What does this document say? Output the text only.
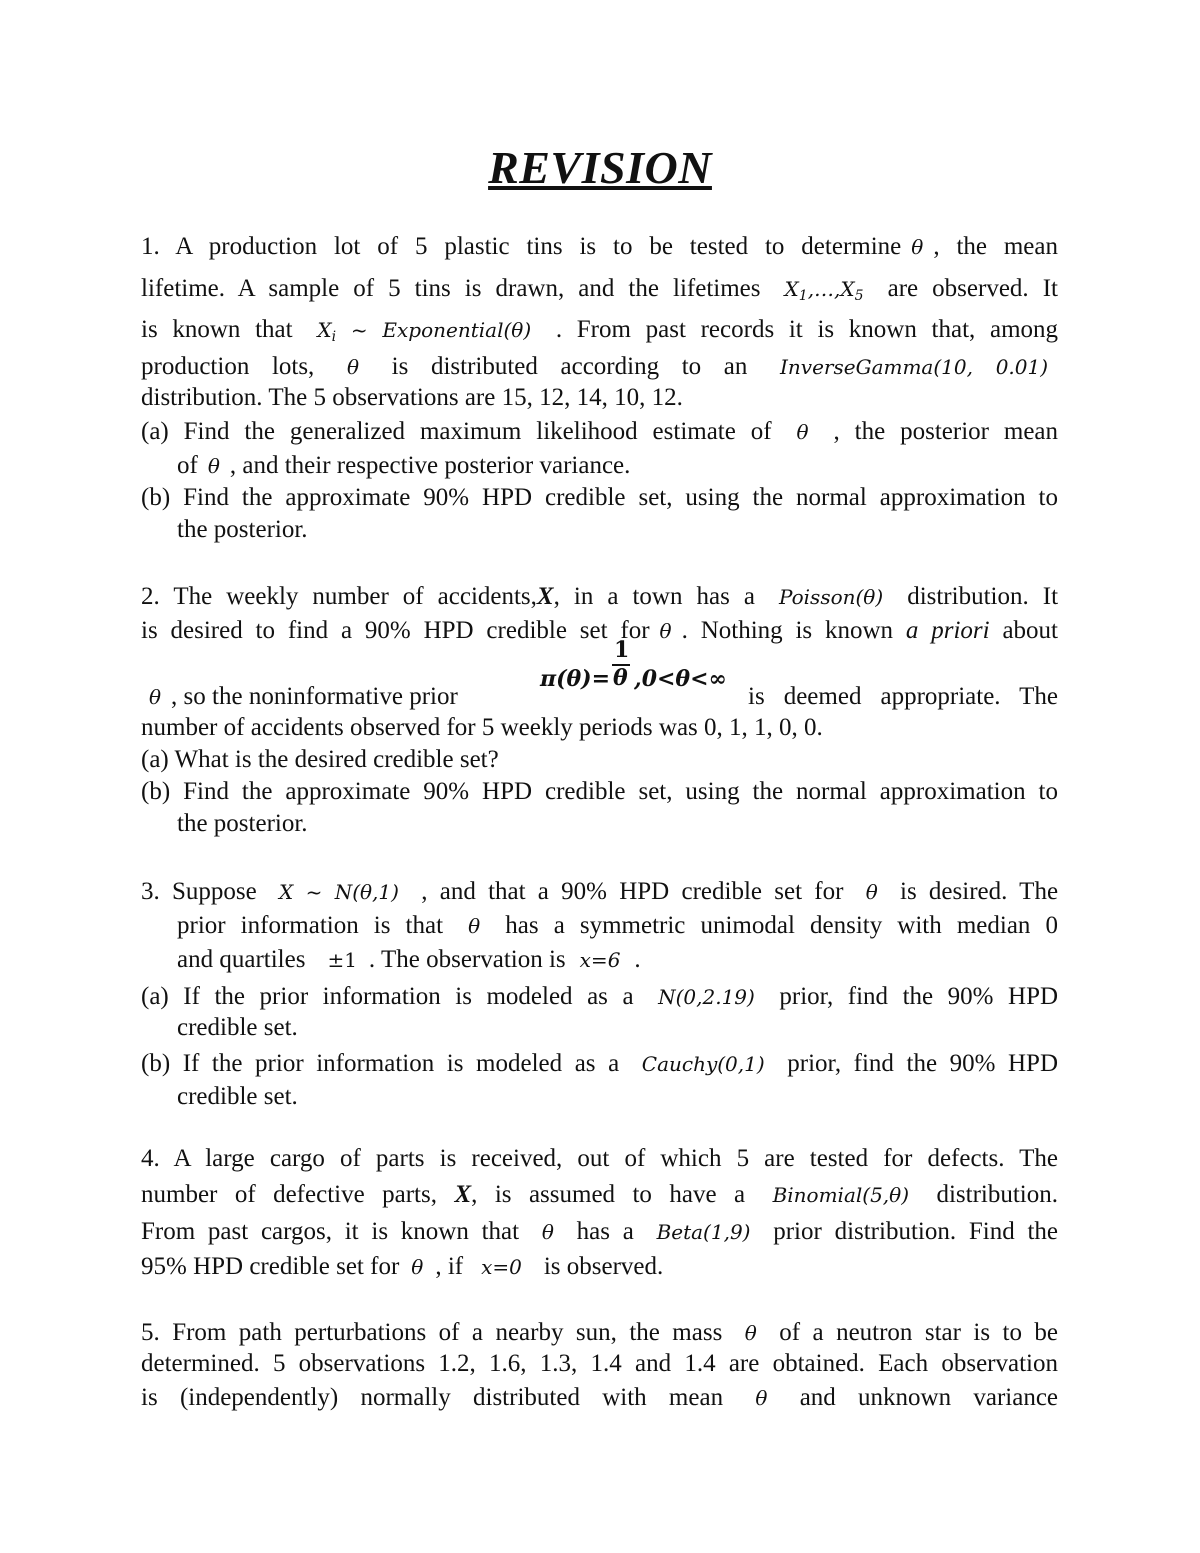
REVISION
1. A production lot of 5 plastic tins is to be tested to determine θ , the mean
lifetime. A sample of 5 tins is drawn, and the lifetimes $X_1,\dots,X_5$ are observed. It
is known that $X_i$ ~ Exponential(θ) . From past records it is known that, among
production lots, θ is distributed according to an InverseGamma(10, 0.01)
distribution. The 5 observations are 15, 12, 14, 10, 12.
(a) Find the generalized maximum likelihood estimate of θ , the posterior mean
of θ , and their respective posterior variance.
(b) Find the approximate 90% HPD credible set, using the normal approximation to
the posterior.
2. The weekly number of accidents,X, in a town has a Poisson(θ) distribution. It
is desired to find a 90% HPD credible set for θ . Nothing is known a priori about
$\pi(\theta)= \frac{1}{\theta} ,0<\theta<\infty$
θ , so the noninformative prior	is deemed appropriate. The
number of accidents observed for 5 weekly periods was 0, 1, 1, 0, 0.
(a) What is the desired credible set?
(b) Find the approximate 90% HPD credible set, using the normal approximation to
the posterior.
3. Suppose X ~ N(θ,1) , and that a 90% HPD credible set for θ is desired. The
prior information is that θ has a symmetric unimodal density with median 0
and quartiles ±1 . The observation is x=6 .
(a) If the prior information is modeled as a N(0,2.19) prior, find the 90% HPD
credible set.
(b) If the prior information is modeled as a Cauchy(0,1) prior, find the 90% HPD
credible set.
4. A large cargo of parts is received, out of which 5 are tested for defects. The
number of defective parts, X, is assumed to have a Binomial(5,θ) distribution.
From past cargos, it is known that θ has a Beta(1,9) prior distribution. Find the
95% HPD credible set for θ , if x=0 is observed.
5. From path perturbations of a nearby sun, the mass θ of a neutron star is to be
determined. 5 observations 1.2, 1.6, 1.3, 1.4 and 1.4 are obtained. Each observation
is (independently) normally distributed with mean θ and unknown variance
